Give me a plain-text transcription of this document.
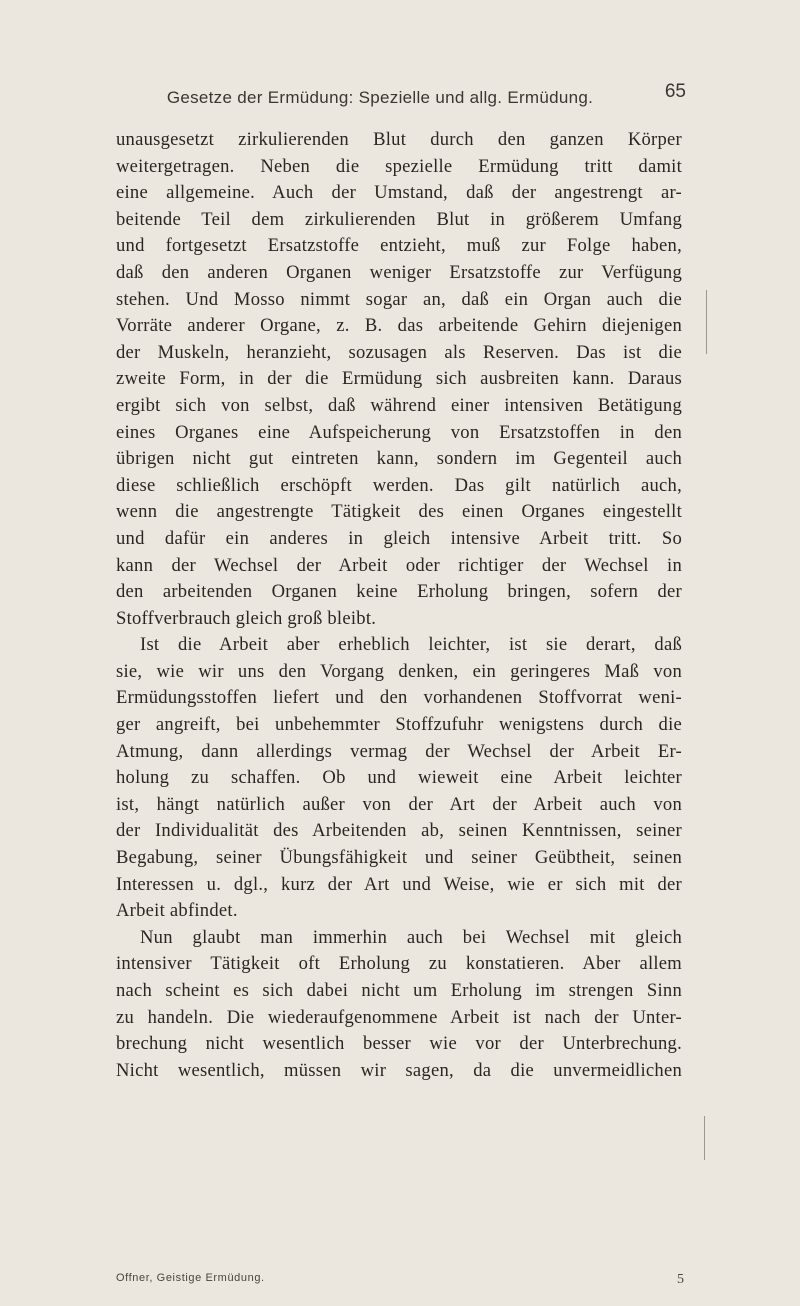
Gesetze der Ermüdung: Spezielle und allg. Ermüdung.	65
unausgesetzt zirkulierenden Blut durch den ganzen Körper
weitergetragen. Neben die spezielle Ermüdung tritt damit
eine allgemeine. Auch der Umstand, daß der angestrengt ar-
beitende Teil dem zirkulierenden Blut in größerem Umfang
und fortgesetzt Ersatzstoffe entzieht, muß zur Folge haben,
daß den anderen Organen weniger Ersatzstoffe zur Verfügung
stehen. Und Mosso nimmt sogar an, daß ein Organ auch die
Vorräte anderer Organe, z. B. das arbeitende Gehirn diejenigen
der Muskeln, heranzieht, sozusagen als Reserven. Das ist die
zweite Form, in der die Ermüdung sich ausbreiten kann. Daraus
ergibt sich von selbst, daß während einer intensiven Betätigung
eines Organes eine Aufspeicherung von Ersatzstoffen in den
übrigen nicht gut eintreten kann, sondern im Gegenteil auch
diese schließlich erschöpft werden. Das gilt natürlich auch,
wenn die angestrengte Tätigkeit des einen Organes eingestellt
und dafür ein anderes in gleich intensive Arbeit tritt. So
kann der Wechsel der Arbeit oder richtiger der Wechsel in
den arbeitenden Organen keine Erholung bringen, sofern der
Stoffverbrauch gleich groß bleibt.
Ist die Arbeit aber erheblich leichter, ist sie derart, daß
sie, wie wir uns den Vorgang denken, ein geringeres Maß von
Ermüdungsstoffen liefert und den vorhandenen Stoffvorrat weni-
ger angreift, bei unbehemmter Stoffzufuhr wenigstens durch die
Atmung, dann allerdings vermag der Wechsel der Arbeit Er-
holung zu schaffen. Ob und wieweit eine Arbeit leichter
ist, hängt natürlich außer von der Art der Arbeit auch von
der Individualität des Arbeitenden ab, seinen Kenntnissen, seiner
Begabung, seiner Übungsfähigkeit und seiner Geübtheit, seinen
Interessen u. dgl., kurz der Art und Weise, wie er sich mit der
Arbeit abfindet.
Nun glaubt man immerhin auch bei Wechsel mit gleich
intensiver Tätigkeit oft Erholung zu konstatieren. Aber allem
nach scheint es sich dabei nicht um Erholung im strengen Sinn
zu handeln. Die wiederaufgenommene Arbeit ist nach der Unter-
brechung nicht wesentlich besser wie vor der Unterbrechung.
Nicht wesentlich, müssen wir sagen, da die unvermeidlichen
Offner, Geistige Ermüdung.	5
